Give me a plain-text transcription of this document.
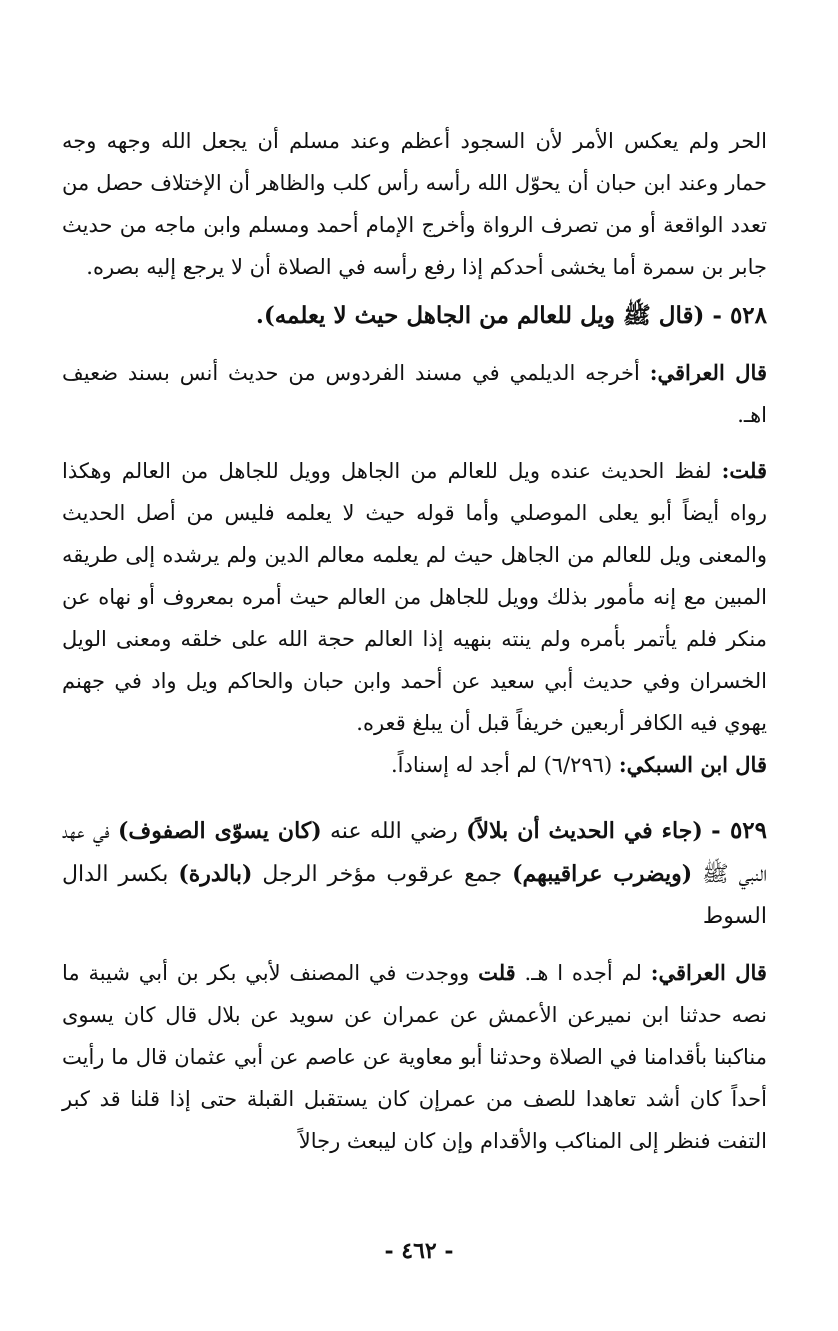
الحر ولم يعكس الأمر لأن السجود أعظم وعند مسلم أن يجعل الله وجهه وجه حمار وعند ابن حبان أن يحوّل الله رأسه رأس كلب والظاهر أن الإختلاف حصل من تعدد الواقعة أو من تصرف الرواة وأخرج الإمام أحمد ومسلم وابن ماجه من حديث جابر بن سمرة أما يخشى أحدكم إذا رفع رأسه في الصلاة أن لا يرجع إليه بصره.

٥٢٨ - (قال ﷺ ويل للعالم من الجاهل حيث لا يعلمه).

قال العراقي: أخرجه الديلمي في مسند الفردوس من حديث أنس بسند ضعيف اهـ.

قلت: لفظ الحديث عنده ويل للعالم من الجاهل وويل للجاهل من العالم وهكذا رواه أيضاً أبو يعلى الموصلي وأما قوله حيث لا يعلمه فليس من أصل الحديث والمعنى ويل للعالم من الجاهل حيث لم يعلمه معالم الدين ولم يرشده إلى طريقه المبين مع إنه مأمور بذلك وويل للجاهل من العالم حيث أمره بمعروف أو نهاه عن منكر فلم يأتمر بأمره ولم ينته بنهيه إذا العالم حجة الله على خلقه ومعنى الويل الخسران وفي حديث أبي سعيد عن أحمد وابن حبان والحاكم ويل واد في جهنم يهوي فيه الكافر أربعين خريفاً قبل أن يبلغ قعره.

قال ابن السبكي: (٦/٢٩٦) لم أجد له إسناداً.

٥٢٩ - (جاء في الحديث أن بلالاً) رضي الله عنه (كان يسوّى الصفوف) في عهد النبي ﷺ (ويضرب عراقيبهم) جمع عرقوب مؤخر الرجل (بالدرة) بكسر الدال السوط

قال العراقي: لم أجده ا هـ. قلت ووجدت في المصنف لأبي بكر بن أبي شيبة ما نصه حدثنا ابن نميرعن الأعمش عن عمران عن سويد عن بلال قال كان يسوى مناكبنا بأقدامنا في الصلاة وحدثنا أبو معاوية عن عاصم عن أبي عثمان قال ما رأيت أحداً كان أشد تعاهدا للصف من عمرإن كان يستقبل القبلة حتى إذا قلنا قد كبر التفت فنظر إلى المناكب والأقدام وإن كان ليبعث رجالاً

- ٤٦٢ -
